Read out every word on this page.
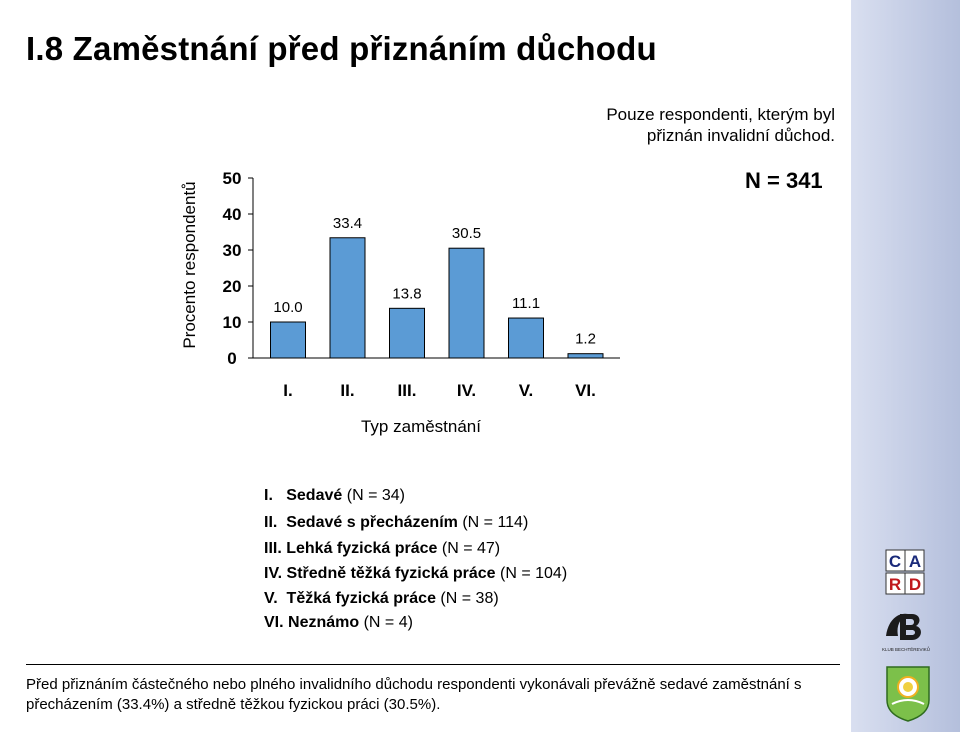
C A
R D
KLUB BECHTĚREVIKŮ
I.8 Zaměstnání před přiznáním důchodu
Pouze respondenti, kterým byl
přiznán invalidní důchod.
N = 341
Procento respondentů
0
10
20
30
40
50
10.0
I.
33.4
II.
13.8
III.
30.5
IV.
11.1
V.
1.2
VI.
Typ zaměstnání
I. Sedavé (N = 34)
II. Sedavé s přecházením (N = 114)
III. Lehká fyzická práce (N = 47)
IV. Středně těžká fyzická práce (N = 104)
V. Těžká fyzická práce (N = 38)
VI. Neznámo (N = 4)
Před přiznáním částečného nebo plného invalidního důchodu respondenti vykonávali převážně sedavé zaměstnání s přecházením (33.4%) a středně těžkou fyzickou práci (30.5%).
